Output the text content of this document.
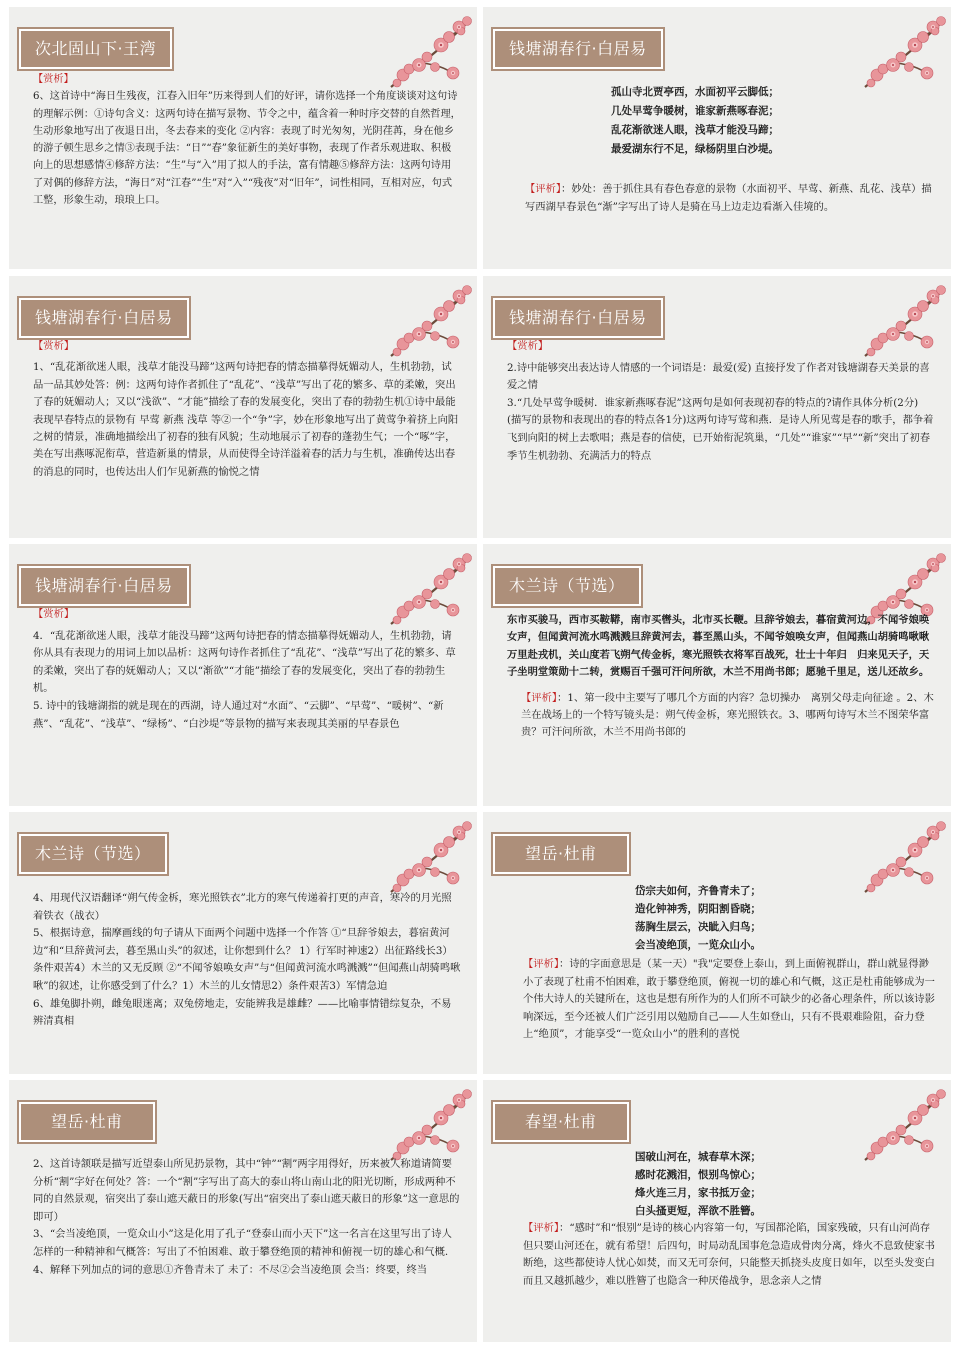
次北固山下·王湾

【赏析】

6、这首诗中“海日生残夜，江春入旧年”历来得到人们的好评，请你选择一个角度谈谈对这句诗的理解示例：①诗句含义：这两句诗在描写景物、节令之中，蕴含着一种时序交替的自然哲理，生动形象地写出了夜退日出，冬去春来的变化 ②内容：表现了时光匆匆，光阴荏苒，身在他乡的游子顿生思乡之情③表现手法：“日”“春”象征新生的美好事物，表现了作者乐观进取、积极向上的思想感情④修辞方法：“生”与“入”用了拟人的手法，富有情趣⑤修辞方法：这两句诗用了对偶的修辞方法，“海日”对“江春”“生”对“入”“残夜”对“旧年”，词性相同，互相对应，句式工整，形象生动，琅琅上口。

钱塘湖春行·白居易

孤山寺北贾亭西，水面初平云脚低；

几处早莺争暖树，谁家新燕啄春泥；

乱花渐欲迷人眼，浅草才能没马蹄；

最爱湖东行不足，绿杨阴里白沙堤。

【评析】：妙处：善于抓住具有春色春意的景物（水面初平、早莺、新燕、乱花、浅草）描写西湖早春景色“渐”字写出了诗人是骑在马上边走边看渐入佳境的。

钱塘湖春行·白居易

【赏析】

1、“乱花渐欲迷人眼，浅草才能没马蹄”这两句诗把春的情态描摹得妩媚动人，生机勃勃，试品一品其妙处答：例：这两句诗作者抓住了“乱花”、“浅草”写出了花的繁多、草的柔嫩，突出了春的妩媚动人；又以“浅欲”、“才能”描绘了春的发展变化，突出了春的勃勃生机①诗中最能表现早春特点的景物有 早莺 新燕 浅草 等②一个“争”字，妙在形象地写出了黄莺争着挤上向阳之树的情景，准确地描绘出了初春的独有风貌；生动地展示了初春的蓬勃生气；一个“啄”字，美在写出燕啄泥衔草，营造新巢的情景，从而使得全诗洋溢着春的活力与生机，准确传达出春的消息的同时，也传达出人们乍见新燕的愉悦之情

钱塘湖春行·白居易

【赏析】

2.诗中能够突出表达诗人情感的一个词语是：最爱(爱) 直接抒发了作者对钱塘湖春天美景的喜爱之情

3.“几处早莺争暖树．谁家新燕啄春泥”这两句是如何表现初春的特点的?请作具体分析(2分) (描写的景物和表现出的春的特点各1分)这两句诗写莺和燕．是诗人所见莺是春的歌手，都争着飞到向阳的树上去歌唱；燕是春的信使，已开始衔泥筑巢，“几处”“谁家”“早”“新”突出了初春季节生机勃勃、充满活力的特点

钱塘湖春行·白居易

【赏析】

4．“乱花渐欲迷人眼，浅草才能没马蹄”这两句诗把春的情态描摹得妩媚动人，生机勃勃，请你从具有表现力的用词上加以品析：这两句诗作者抓住了“乱花”、“浅草”写出了花的繁多、草的柔嫩，突出了春的妩媚动人；又以“渐欲”“才能”描绘了春的发展变化，突出了春的勃勃生机。

5. 诗中的钱塘湖指的就是现在的西湖，诗人通过对“水面”、“云脚”、“早莺”、“暖树”、“新燕”、“乱花”、“浅草”、“绿杨”、“白沙堤”等景物的描写来表现其美丽的早春景色

木兰诗（节选）

东市买骏马，西市买鞍鞯，南市买辔头，北市买长鞭。旦辞爷娘去，暮宿黄河边，不闻爷娘唤女声，但闻黄河流水鸣溅溅旦辞黄河去，暮至黑山头，不闻爷娘唤女声，但闻燕山胡骑鸣啾啾

万里赴戎机，关山度若飞朔气传金柝，寒光照铁衣将军百战死，壮士十年归　归来见天子，天子坐明堂策勋十二转，赏赐百千强可汗问所欲，木兰不用尚书郎；愿驰千里足，送儿还故乡。

【评析】：1、第一段中主要写了哪几个方面的内容？急切操办　离别父母走向征途 。2、木兰在战场上的一个特写镜头是：朔气传金柝，寒光照铁衣。3、哪两句诗写木兰不图荣华富贵？可汗问所欲，木兰不用尚书郎的

木兰诗（节选）

4、用现代汉语翻译“朔气传金柝，寒光照铁衣”北方的寒气传递着打更的声音，寒冷的月光照着铁衣（战衣）

5、根据诗意，揣摩画线的句子请从下面两个问题中选择一个作答 ①“旦辞爷娘去，暮宿黄河边”和“旦辞黄河去，暮至黑山头”的叙述，让你想到什么？ 1）行军时神速2）出征路线长3）条件艰苦4）木兰的又无反顾 ②“不闻爷娘唤女声”与“但闻黄河流水鸣溅溅”“但闻燕山胡骑鸣啾啾”的叙述，让你感受到了什么？1）木兰的儿女情思2）条件艰苦3）军情急迫

6、雄兔脚扑朔，雌兔眼迷离；双兔傍地走，安能辨我是雄雌？——比喻事情错综复杂，不易辨清真相

望岳·杜甫

岱宗夫如何，齐鲁青未了；

造化钟神秀，阴阳割昏晓；

荡胸生层云，决眦入归鸟；

会当凌绝顶，一览众山小。

【评析】：诗的字面意思是（某一天）"我"定要登上泰山，到上面俯视群山，群山就显得渺小了表现了杜甫不怕困难，敢于攀登绝顶，俯视一切的雄心和气概，这正是杜甫能够成为一个伟大诗人的关键所在，这也是想有所作为的人们所不可缺少的必备心理条件，所以该诗影响深远，至今还被人们广泛引用以勉励自己——人生如登山，只有不畏艰难险阻，奋力登上“绝顶”，才能享受“一览众山小”的胜利的喜悦

望岳·杜甫

2、这首诗颔联是描写近望泰山所见扔景物，其中“钟”“割”两字用得好，历来被人称道请简要分析“割”字好在何处？答：一个“割”字写出了高大的泰山将山南山北的阳光切断，形成两种不同的自然景观，宿突出了泰山遮天蔽日的形象(写出“宿突出了泰山遮天蔽日的形象”这一意思的即可）

3、“会当凌绝顶，一览众山小”这是化用了孔子“登泰山而小天下”这一名言在这里写出了诗人怎样的一种精神和气概答：写出了不怕困难、敢于攀登绝顶的精神和俯视一切的雄心和气概.

4、解释下列加点的词的意思①齐鲁青未了 未了：不尽②会当凌绝顶 会当：终要，终当

春望·杜甫

国破山河在，城春草木深；

感时花溅泪，恨别鸟惊心；

烽火连三月，家书抵万金；

白头搔更短，浑欲不胜簪。

【评析】：“感时”和“恨别”是诗的核心内容第一句，写国都沦陷，国家残破，只有山河尚存但只要山河还在，就有希望！后四句，时局动乱国事危急造成骨肉分离，烽火不息致使家书断绝，这些都使诗人忧心如焚，而又无可奈何，只能整天抓挠头皮度日如年，以至头发变白而且又越抓越少，难以胜簪了也隐含一种厌倦战争，思念亲人之情
